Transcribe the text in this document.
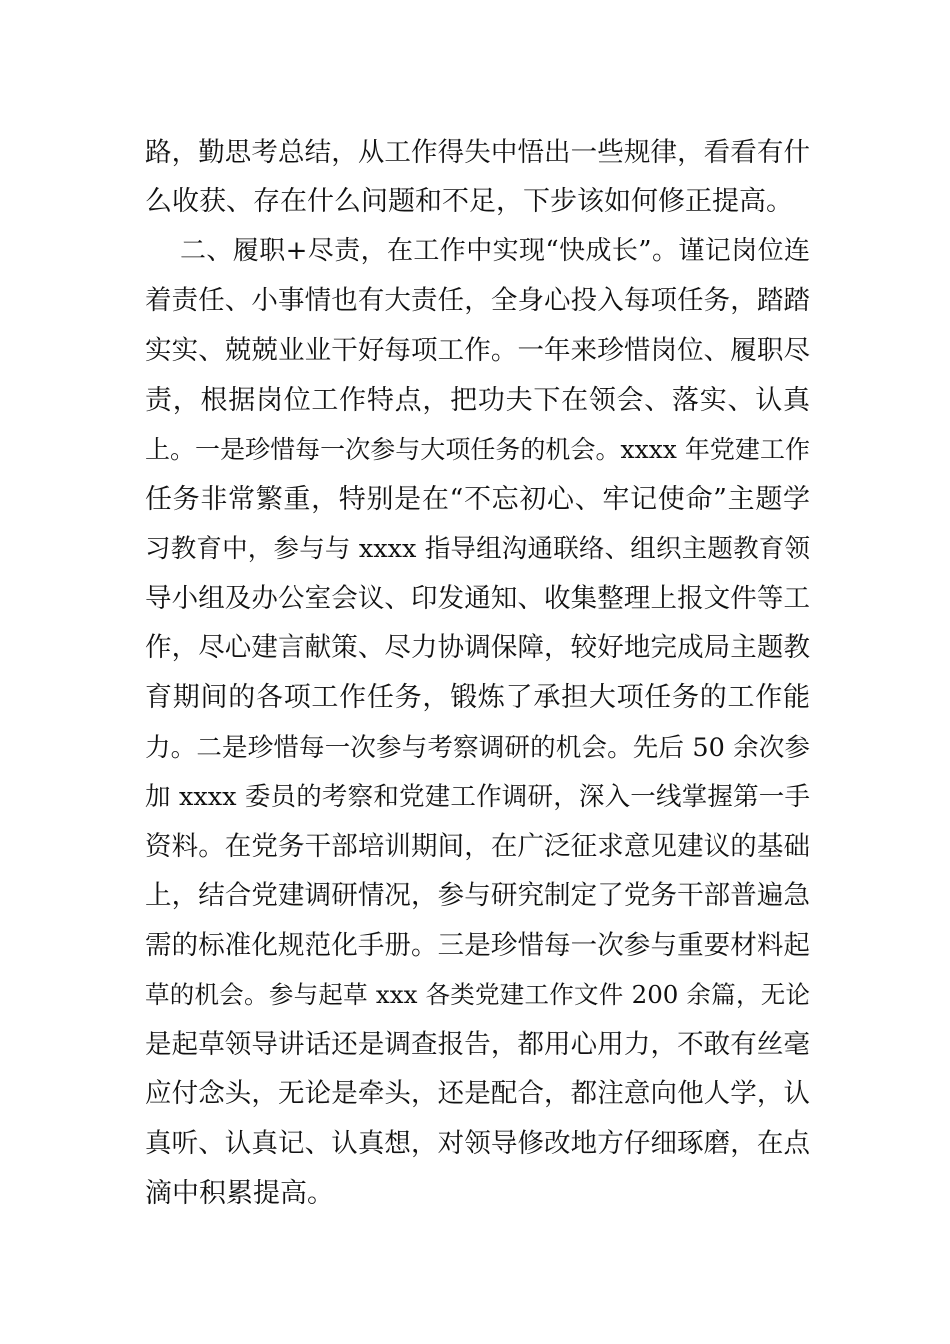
路，勤思考总结，从工作得失中悟出一些规律，看看有什
么收获、存在什么问题和不足，下步该如何修正提高。
二、履职+尽责，在工作中实现“快成长”。谨记岗位连
着责任、小事情也有大责任，全身心投入每项任务，踏踏
实实、兢兢业业干好每项工作。一年来珍惜岗位、履职尽
责，根据岗位工作特点，把功夫下在领会、落实、认真
上。一是珍惜每一次参与大项任务的机会。xxxx 年党建工作
任务非常繁重，特别是在“不忘初心、牢记使命”主题学
习教育中，参与与 xxxx 指导组沟通联络、组织主题教育领
导小组及办公室会议、印发通知、收集整理上报文件等工
作，尽心建言献策、尽力协调保障，较好地完成局主题教
育期间的各项工作任务，锻炼了承担大项任务的工作能
力。二是珍惜每一次参与考察调研的机会。先后 50 余次参
加 xxxx 委员的考察和党建工作调研，深入一线掌握第一手
资料。在党务干部培训期间，在广泛征求意见建议的基础
上，结合党建调研情况，参与研究制定了党务干部普遍急
需的标准化规范化手册。三是珍惜每一次参与重要材料起
草的机会。参与起草 xxx 各类党建工作文件 200 余篇，无论
是起草领导讲话还是调查报告，都用心用力，不敢有丝毫
应付念头，无论是牵头，还是配合，都注意向他人学，认
真听、认真记、认真想，对领导修改地方仔细琢磨，在点
滴中积累提高。
